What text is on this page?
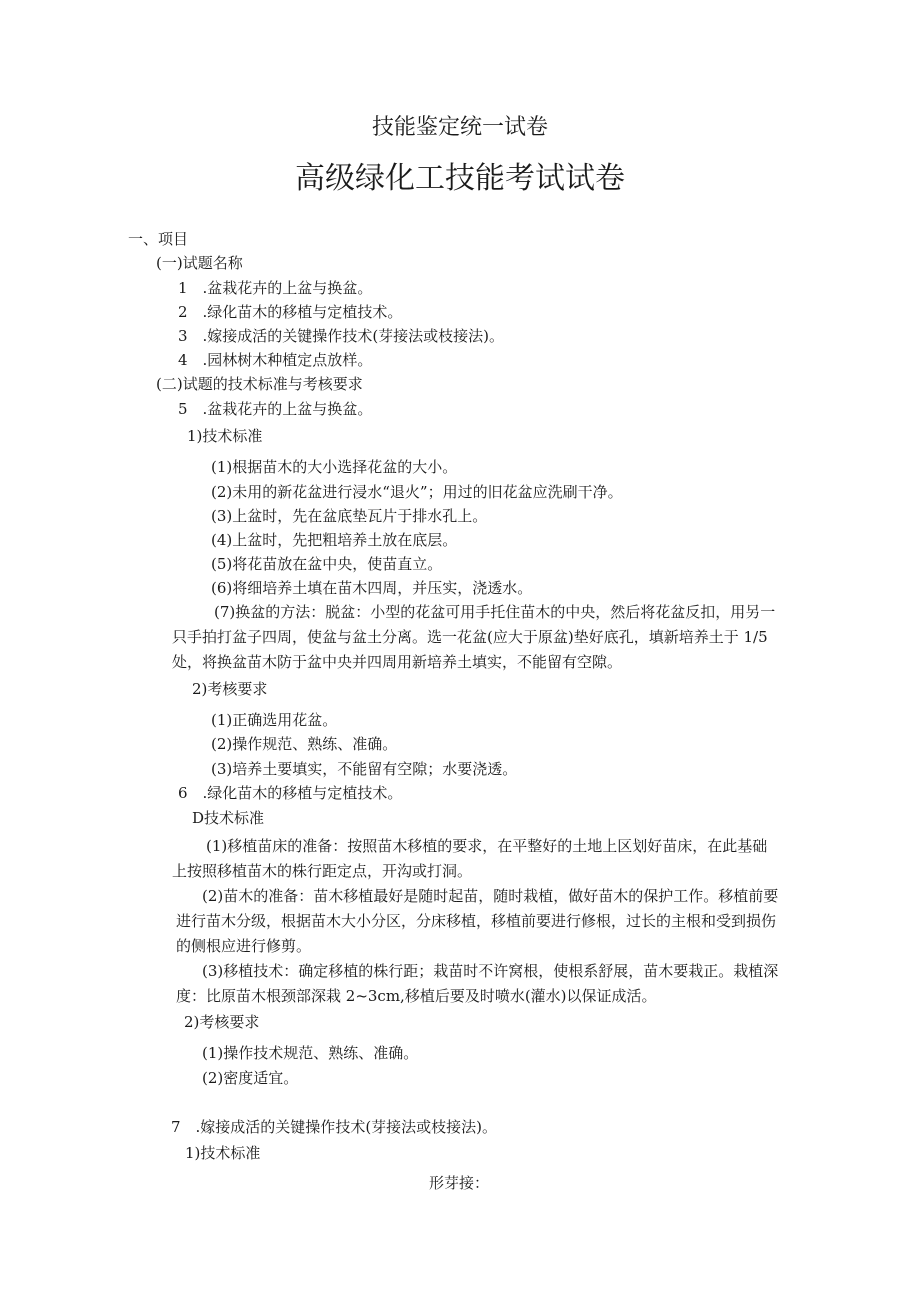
技能鉴定统一试卷
高级绿化工技能考试试卷
一、项目
(一)试题名称
1　.盆栽花卉的上盆与换盆。
2　.绿化苗木的移植与定植技术。
3　.嫁接成活的关键操作技术(芽接法或枝接法)。
4　.园林树木种植定点放样。
(二)试题的技术标准与考核要求
5　.盆栽花卉的上盆与换盆。
1)技术标准
(1)根据苗木的大小选择花盆的大小。
(2)未用的新花盆进行浸水“退火”；用过的旧花盆应洗刷干净。
(3)上盆时，先在盆底垫瓦片于排水孔上。
(4)上盆时，先把粗培养土放在底层。
(5)将花苗放在盆中央，使苗直立。
(6)将细培养土填在苗木四周，并压实，浇透水。
(7)换盆的方法：脱盆：小型的花盆可用手托住苗木的中央，然后将花盆反扣，用另一
只手拍打盆子四周，使盆与盆土分离。选一花盆(应大于原盆)垫好底孔，填新培养土于 1/5
处，将换盆苗木防于盆中央并四周用新培养土填实，不能留有空隙。
2)考核要求
(1)正确选用花盆。
(2)操作规范、熟练、准确。
(3)培养土要填实，不能留有空隙；水要浇透。
6　.绿化苗木的移植与定植技术。
D技术标准
(1)移植苗床的准备：按照苗木移植的要求，在平整好的土地上区划好苗床，在此基础
上按照移植苗木的株行距定点，开沟或打洞。
(2)苗木的准备：苗木移植最好是随时起苗，随时栽植，做好苗木的保护工作。移植前要
进行苗木分级，根据苗木大小分区，分床移植，移植前要进行修根，过长的主根和受到损伤
的侧根应进行修剪。
(3)移植技术：确定移植的株行距；栽苗时不许窝根，使根系舒展，苗木要栽正。栽植深
度：比原苗木根颈部深栽 2~3cm,移植后要及时喷水(灌水)以保证成活。
2)考核要求
(1)操作技术规范、熟练、准确。
(2)密度适宜。
7　.嫁接成活的关键操作技术(芽接法或枝接法)。
1)技术标准
形芽接：
